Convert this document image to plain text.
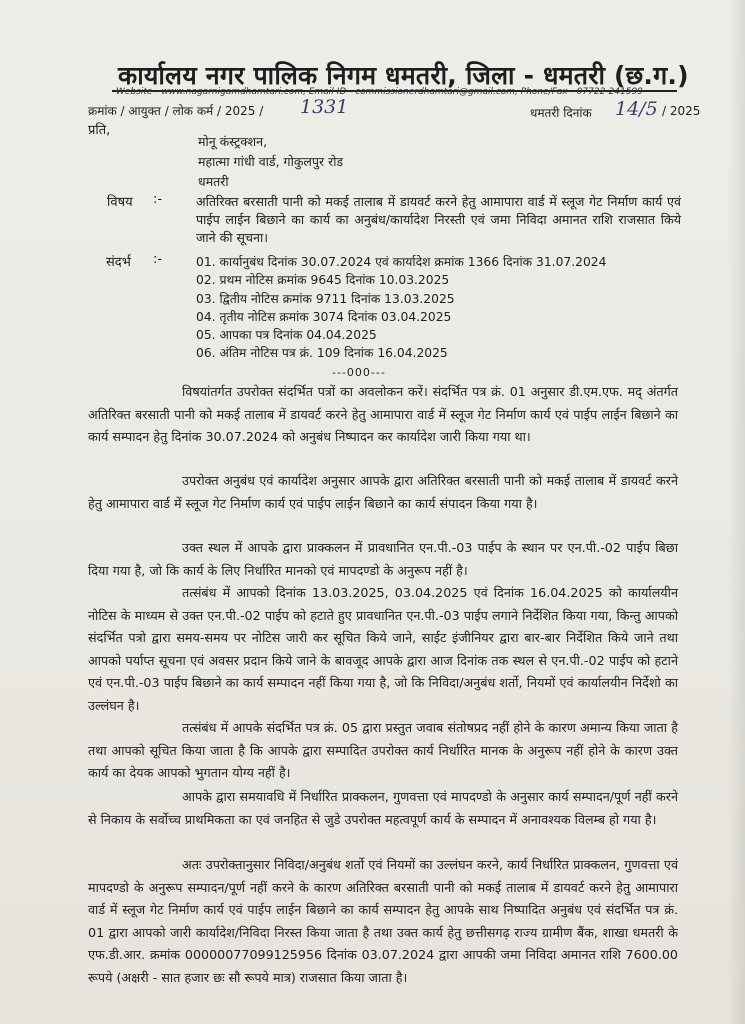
कार्यालय नगर पालिक निगम धमतरी, जिला - धमतरी (छ.ग.)
Website - www.nagarnigamdhamtari.com, Email ID - commissionerdhamtari@gmail.com, Phone/Fax - 07722-241599
क्रमांक / आयुक्त / लोक कर्म / 2025 / 1331	धमतरी दिनांक 14/5 / 2025
प्रति,
मोनू कंस्ट्रक्शन,
महात्मा गांधी वार्ड, गोकुलपुर रोड
धमतरी
विषय :-	अतिरिक्त बरसाती पानी को मकई तालाब में डायवर्ट करने हेतु आमापारा वार्ड में स्लूज गेट निर्माण कार्य एवं पाईप लाईन बिछाने का कार्य का अनुबंध/कार्यादेश निरस्ती एवं जमा निविदा अमानत राशि राजसात किये जाने की सूचना।
संदर्भ :-	01. कार्यानुबंध दिनांक 30.07.2024 एवं कार्यादेश क्रमांक 1366 दिनांक 31.07.2024
02. प्रथम नोटिस क्रमांक 9645 दिनांक 10.03.2025
03. द्वितीय नोटिस क्रमांक 9711 दिनांक 13.03.2025
04. तृतीय नोटिस क्रमांक 3074 दिनांक 03.04.2025
05. आपका पत्र दिनांक 04.04.2025
06. अंतिम नोटिस पत्र क्रं. 109 दिनांक 16.04.2025
---000---
विषयांतर्गत उपरोक्त संदर्भित पत्रों का अवलोकन करें। संदर्भित पत्र क्रं. 01 अनुसार डी.एम.एफ. मद् अंतर्गत अतिरिक्त बरसाती पानी को मकई तालाब में डायवर्ट करने हेतु आमापारा वार्ड में स्लूज गेट निर्माण कार्य एवं पाईप लाईन बिछाने का कार्य सम्पादन हेतु दिनांक 30.07.2024 को अनुबंध निष्पादन कर कार्यादेश जारी किया गया था।
उपरोक्त अनुबंध एवं कार्यादेश अनुसार आपके द्वारा अतिरिक्त बरसाती पानी को मकई तालाब में डायवर्ट करने हेतु आमापारा वार्ड में स्लूज गेट निर्माण कार्य एवं पाईप लाईन बिछाने का कार्य संपादन किया गया है।
उक्त स्थल में आपके द्वारा प्राक्कलन में प्रावधानित एन.पी.-03 पाईप के स्थान पर एन.पी.-02 पाईप बिछा दिया गया है, जो कि कार्य के लिए निर्धारित मानको एवं मापदण्डो के अनुरूप नहीं है।
तत्संबंध में आपको दिनांक 13.03.2025, 03.04.2025 एवं दिनांक 16.04.2025 को कार्यालयीन नोटिस के माध्यम से उक्त एन.पी.-02 पाईप को हटाते हुए प्रावधानित एन.पी.-03 पाईप लगाने निर्देशित किया गया, किन्तु आपको संदर्भित पत्रो द्वारा समय-समय पर नोटिस जारी कर सूचित किये जाने, साईट इंजीनियर द्वारा बार-बार निर्देशित किये जाने तथा आपको पर्याप्त सूचना एवं अवसर प्रदान किये जाने के बावजूद आपके द्वारा आज दिनांक तक स्थल से एन.पी.-02 पाईप को हटाने एवं एन.पी.-03 पाईप बिछाने का कार्य सम्पादन नहीं किया गया है, जो कि निविदा/अनुबंध शर्तो, नियमों एवं कार्यालयीन निर्देशो का उल्लंघन है।
तत्संबंध में आपके संदर्भित पत्र क्रं. 05 द्वारा प्रस्तुत जवाब संतोषप्रद नहीं होने के कारण अमान्य किया जाता है तथा आपको सूचित किया जाता है कि आपके द्वारा सम्पादित उपरोक्त कार्य निर्धारित मानक के अनुरूप नहीं होने के कारण उक्त कार्य का देयक आपको भुगतान योग्य नहीं है।
आपके द्वारा समयावधि में निर्धारित प्राक्कलन, गुणवत्ता एवं मापदण्डो के अनुसार कार्य सम्पादन/पूर्ण नहीं करने से निकाय के सर्वोच्च प्राथमिकता का एवं जनहित से जुडे उपरोक्त महत्वपूर्ण कार्य के सम्पादन में अनावश्यक विलम्ब हो गया है।
अतः उपरोक्तानुसार निविदा/अनुबंध शर्तो एवं नियमों का उल्लंघन करने, कार्य निर्धारित प्राक्कलन, गुणवत्ता एवं मापदण्डो के अनुरूप सम्पादन/पूर्ण नहीं करने के कारण अतिरिक्त बरसाती पानी को मकई तालाब में डायवर्ट करने हेतु आमापारा वार्ड में स्लूज गेट निर्माण कार्य एवं पाईप लाईन बिछाने का कार्य सम्पादन हेतु आपके साथ निष्पादित अनुबंध एवं संदर्भित पत्र क्रं. 01 द्वारा आपको जारी कार्यादेश/निविदा निरस्त किया जाता है तथा उक्त कार्य हेतु छत्तीसगढ़ राज्य ग्रामीण बैंक, शाखा धमतरी के एफ.डी.आर. क्रमांक 00000077099125956 दिनांक 03.07.2024 द्वारा आपकी जमा निविदा अमानत राशि 7600.00 रूपये (अक्षरी - सात हजार छः सौ रूपये मात्र) राजसात किया जाता है।
